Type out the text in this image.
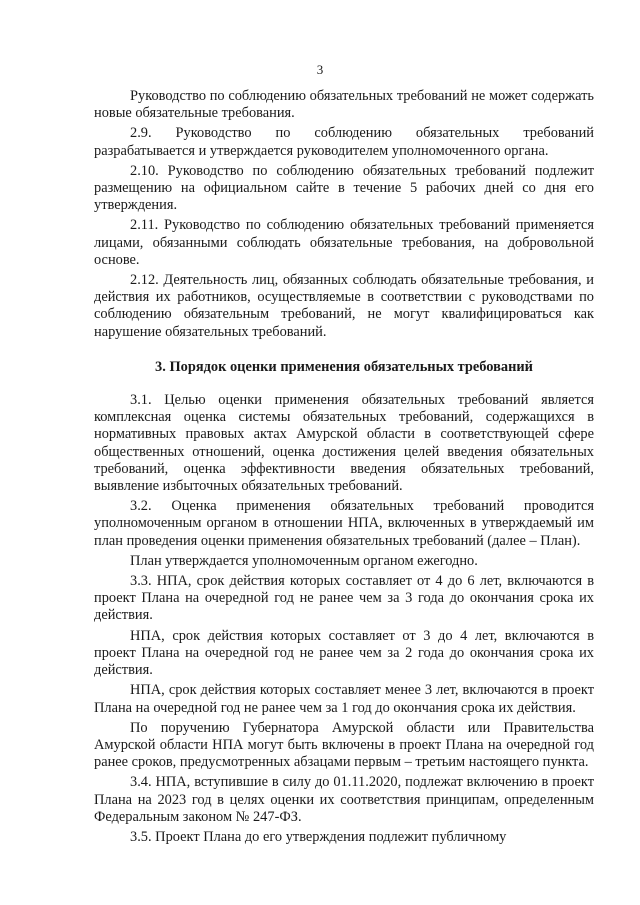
3

Руководство по соблюдению обязательных требований не может содержать новые обязательные требования.

2.9. Руководство по соблюдению обязательных требований разрабатывается и утверждается руководителем уполномоченного органа.

2.10. Руководство по соблюдению обязательных требований подлежит размещению на официальном сайте в течение 5 рабочих дней со дня его утверждения.

2.11. Руководство по соблюдению обязательных требований применяется лицами, обязанными соблюдать обязательные требования, на добровольной основе.

2.12. Деятельность лиц, обязанных соблюдать обязательные требования, и действия их работников, осуществляемые в соответствии с руководствами по соблюдению обязательным требований, не могут квалифицироваться как нарушение обязательных требований.

3. Порядок оценки применения обязательных требований

3.1. Целью оценки применения обязательных требований является комплексная оценка системы обязательных требований, содержащихся в нормативных правовых актах Амурской области в соответствующей сфере общественных отношений, оценка достижения целей введения обязательных требований, оценка эффективности введения обязательных требований, выявление избыточных обязательных требований.

3.2. Оценка применения обязательных требований проводится уполномоченным органом в отношении НПА, включенных в утверждаемый им план проведения оценки применения обязательных требований (далее – План).

План утверждается уполномоченным органом ежегодно.

3.3. НПА, срок действия которых составляет от 4 до 6 лет, включаются в проект Плана на очередной год не ранее чем за 3 года до окончания срока их действия.

НПА, срок действия которых составляет от 3 до 4 лет, включаются в проект Плана на очередной год не ранее чем за 2 года до окончания срока их действия.

НПА, срок действия которых составляет менее 3 лет, включаются в проект Плана на очередной год не ранее чем за 1 год до окончания срока их действия.

По поручению Губернатора Амурской области или Правительства Амурской области НПА могут быть включены в проект Плана на очередной год ранее сроков, предусмотренных абзацами первым – третьим настоящего пункта.

3.4. НПА, вступившие в силу до 01.11.2020, подлежат включению в проект Плана на 2023 год в целях оценки их соответствия принципам, определенным Федеральным законом № 247-ФЗ.

3.5. Проект Плана до его утверждения подлежит публичному
